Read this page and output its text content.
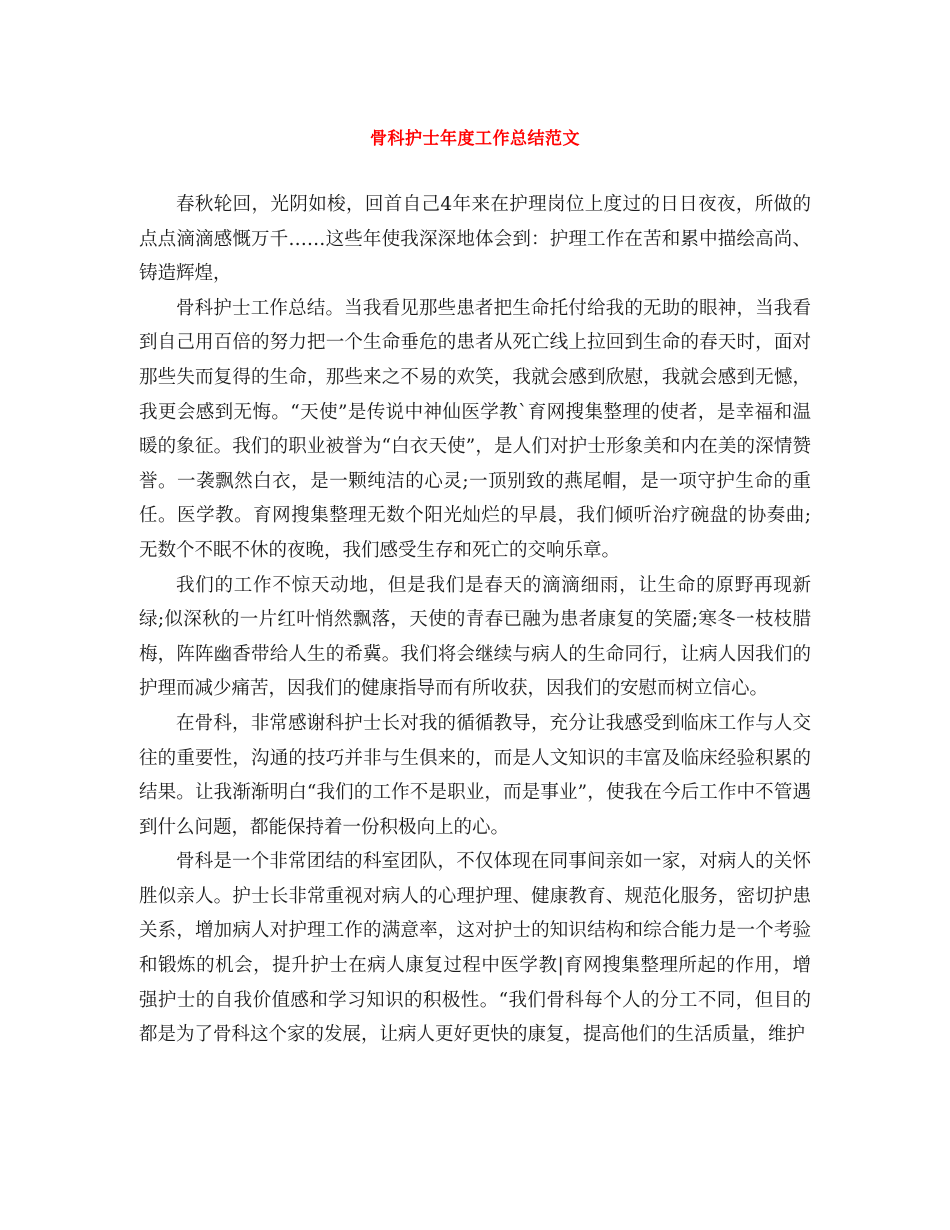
骨科护士年度工作总结范文

春秋轮回，光阴如梭，回首自己4年来在护理岗位上度过的日日夜夜，所做的点点滴滴感慨万千……这些年使我深深地体会到：护理工作在苦和累中描绘高尚、铸造辉煌，

骨科护士工作总结。当我看见那些患者把生命托付给我的无助的眼神，当我看到自己用百倍的努力把一个生命垂危的患者从死亡线上拉回到生命的春天时，面对那些失而复得的生命，那些来之不易的欢笑，我就会感到欣慰，我就会感到无憾，我更会感到无悔。“天使”是传说中神仙医学教`育网搜集整理的使者，是幸福和温暖的象征。我们的职业被誉为“白衣天使”，是人们对护士形象美和内在美的深情赞誉。一袭飘然白衣，是一颗纯洁的心灵;一顶别致的燕尾帽，是一项守护生命的重任。医学教。育网搜集整理无数个阳光灿烂的早晨，我们倾听治疗碗盘的协奏曲;无数个不眠不休的夜晚，我们感受生存和死亡的交响乐章。

我们的工作不惊天动地，但是我们是春天的滴滴细雨，让生命的原野再现新绿;似深秋的一片红叶悄然飘落，天使的青春已融为患者康复的笑靥;寒冬一枝枝腊梅，阵阵幽香带给人生的希冀。我们将会继续与病人的生命同行，让病人因我们的护理而减少痛苦，因我们的健康指导而有所收获，因我们的安慰而树立信心。

在骨科，非常感谢科护士长对我的循循教导，充分让我感受到临床工作与人交往的重要性，沟通的技巧并非与生俱来的，而是人文知识的丰富及临床经验积累的结果。让我渐渐明白“我们的工作不是职业，而是事业”，使我在今后工作中不管遇到什么问题，都能保持着一份积极向上的心。

骨科是一个非常团结的科室团队，不仅体现在同事间亲如一家，对病人的关怀胜似亲人。护士长非常重视对病人的心理护理、健康教育、规范化服务，密切护患关系，增加病人对护理工作的满意率，这对护士的知识结构和综合能力是一个考验和锻炼的机会，提升护士在病人康复过程中医学教|育网搜集整理所起的作用，增强护士的自我价值感和学习知识的积极性。“我们骨科每个人的分工不同，但目的都是为了骨科这个家的发展，让病人更好更快的康复，提高他们的生活质量，维护
